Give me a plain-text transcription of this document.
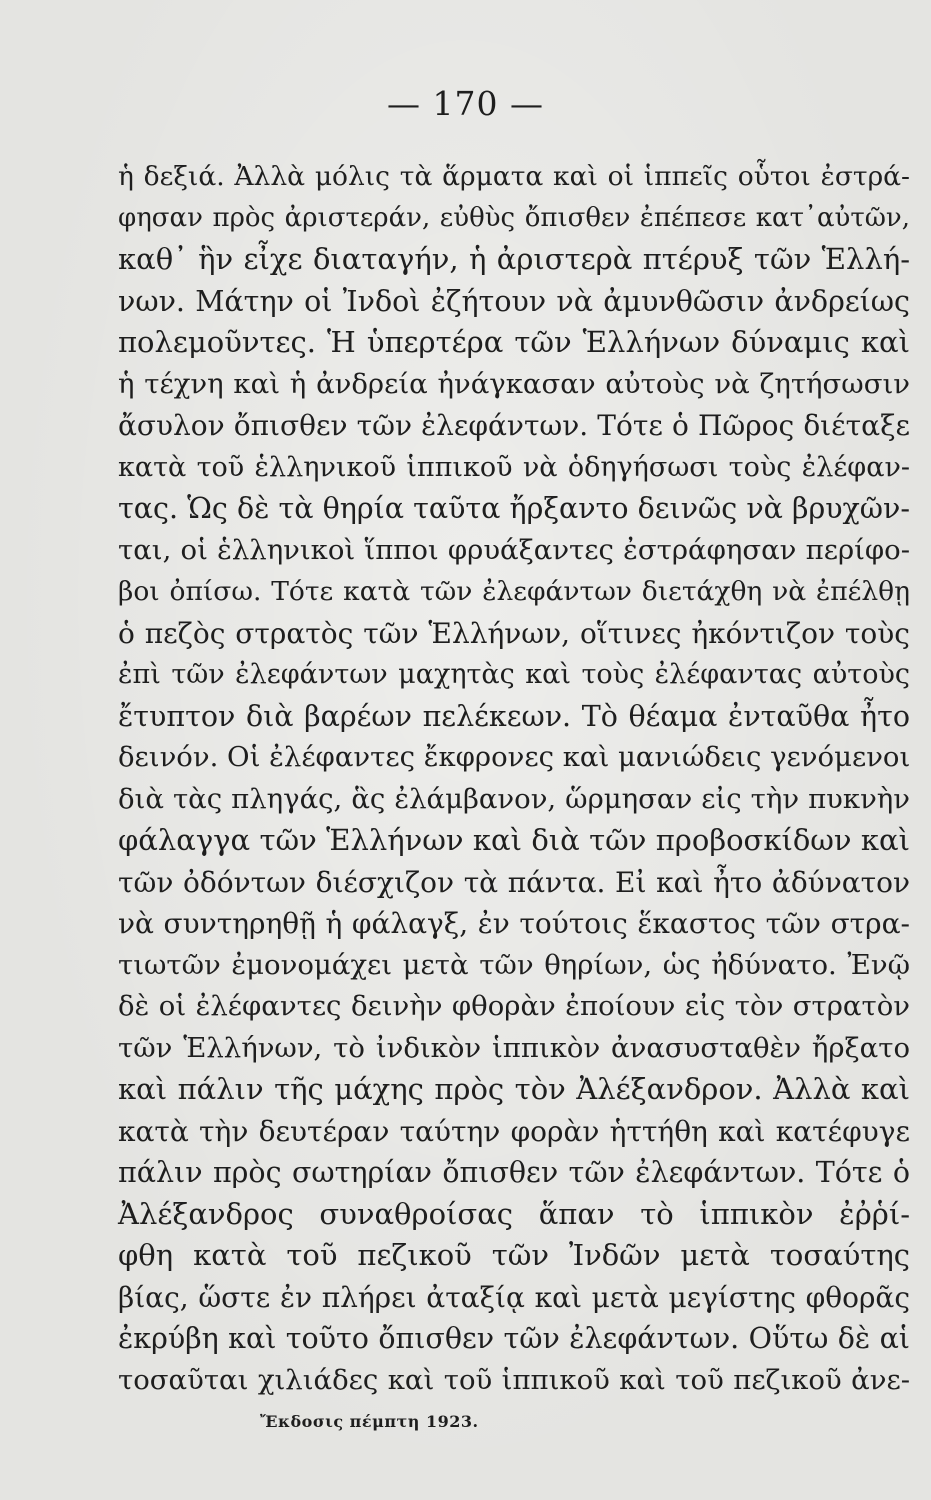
— 170 —
ἡ δεξιά. Ἀλλὰ μόλις τὰ ἅρματα καὶ οἱ ἱππεῖς οὗτοι ἐστρά-
φησαν πρὸς ἀριστεράν, εὐθὺς ὄπισθεν ἐπέπεσε κατ᾿αὐτῶν,
καθ᾿ ἣν εἶχε διαταγήν, ἡ ἀριστερὰ πτέρυξ τῶν Ἑλλή-
νων. Μάτην οἱ Ἰνδοὶ ἐζήτουν νὰ ἀμυνθῶσιν ἀνδρείως
πολεμοῦντες. Ἡ ὑπερτέρα τῶν Ἑλλήνων δύναμις καὶ
ἡ τέχνη καὶ ἡ ἀνδρεία ἠνάγκασαν αὐτοὺς νὰ ζητήσωσιν
ἄσυλον ὄπισθεν τῶν ἐλεφάντων. Τότε ὁ Πῶρος διέταξε
κατὰ τοῦ ἑλληνικοῦ ἱππικοῦ νὰ ὁδηγήσωσι τοὺς ἐλέφαν-
τας. Ὡς δὲ τὰ θηρία ταῦτα ἤρξαντο δεινῶς νὰ βρυχῶν-
ται, οἱ ἑλληνικοὶ ἵπποι φρυάξαντες ἐστράφησαν περίφο-
βοι ὀπίσω. Τότε κατὰ τῶν ἐλεφάντων διετάχθη νὰ ἐπέλθῃ
ὁ πεζὸς στρατὸς τῶν Ἑλλήνων, οἵτινες ἠκόντιζον τοὺς
ἐπὶ τῶν ἐλεφάντων μαχητὰς καὶ τοὺς ἐλέφαντας αὐτοὺς
ἔτυπτον διὰ βαρέων πελέκεων. Τὸ θέαμα ἐνταῦθα ἦτο
δεινόν. Οἱ ἐλέφαντες ἔκφρονες καὶ μανιώδεις γενόμενοι
διὰ τὰς πληγάς, ἃς ἐλάμβανον, ὥρμησαν εἰς τὴν πυκνὴν
φάλαγγα τῶν Ἑλλήνων καὶ διὰ τῶν προβοσκίδων καὶ
τῶν ὀδόντων διέσχιζον τὰ πάντα. Εἰ καὶ ἦτο ἀδύνατον
νὰ συντηρηθῇ ἡ φάλαγξ, ἐν τούτοις ἕκαστος τῶν στρα-
τιωτῶν ἐμονομάχει μετὰ τῶν θηρίων, ὡς ἠδύνατο. Ἐνῷ
δὲ οἱ ἐλέφαντες δεινὴν φθορὰν ἐποίουν εἰς τὸν στρατὸν
τῶν Ἑλλήνων, τὸ ἰνδικὸν ἱππικὸν ἀνασυσταθὲν ἤρξατο
καὶ πάλιν τῆς μάχης πρὸς τὸν Ἀλέξανδρον. Ἀλλὰ καὶ
κατὰ τὴν δευτέραν ταύτην φορὰν ἡττήθη καὶ κατέφυγε
πάλιν πρὸς σωτηρίαν ὄπισθεν τῶν ἐλεφάντων. Τότε ὁ
Ἀλέξανδρος συναθροίσας ἅπαν τὸ ἱππικὸν ἐῤῥί-
φθη κατὰ τοῦ πεζικοῦ τῶν Ἰνδῶν μετὰ τοσαύτης
βίας, ὥστε ἐν πλήρει ἀταξίᾳ καὶ μετὰ μεγίστης φθορᾶς
ἐκρύβη καὶ τοῦτο ὄπισθεν τῶν ἐλεφάντων. Οὕτω δὲ αἱ
τοσαῦται χιλιάδες καὶ τοῦ ἱππικοῦ καὶ τοῦ πεζικοῦ ἀνε-
Ἔκδοσις πέμπτη 1923.
